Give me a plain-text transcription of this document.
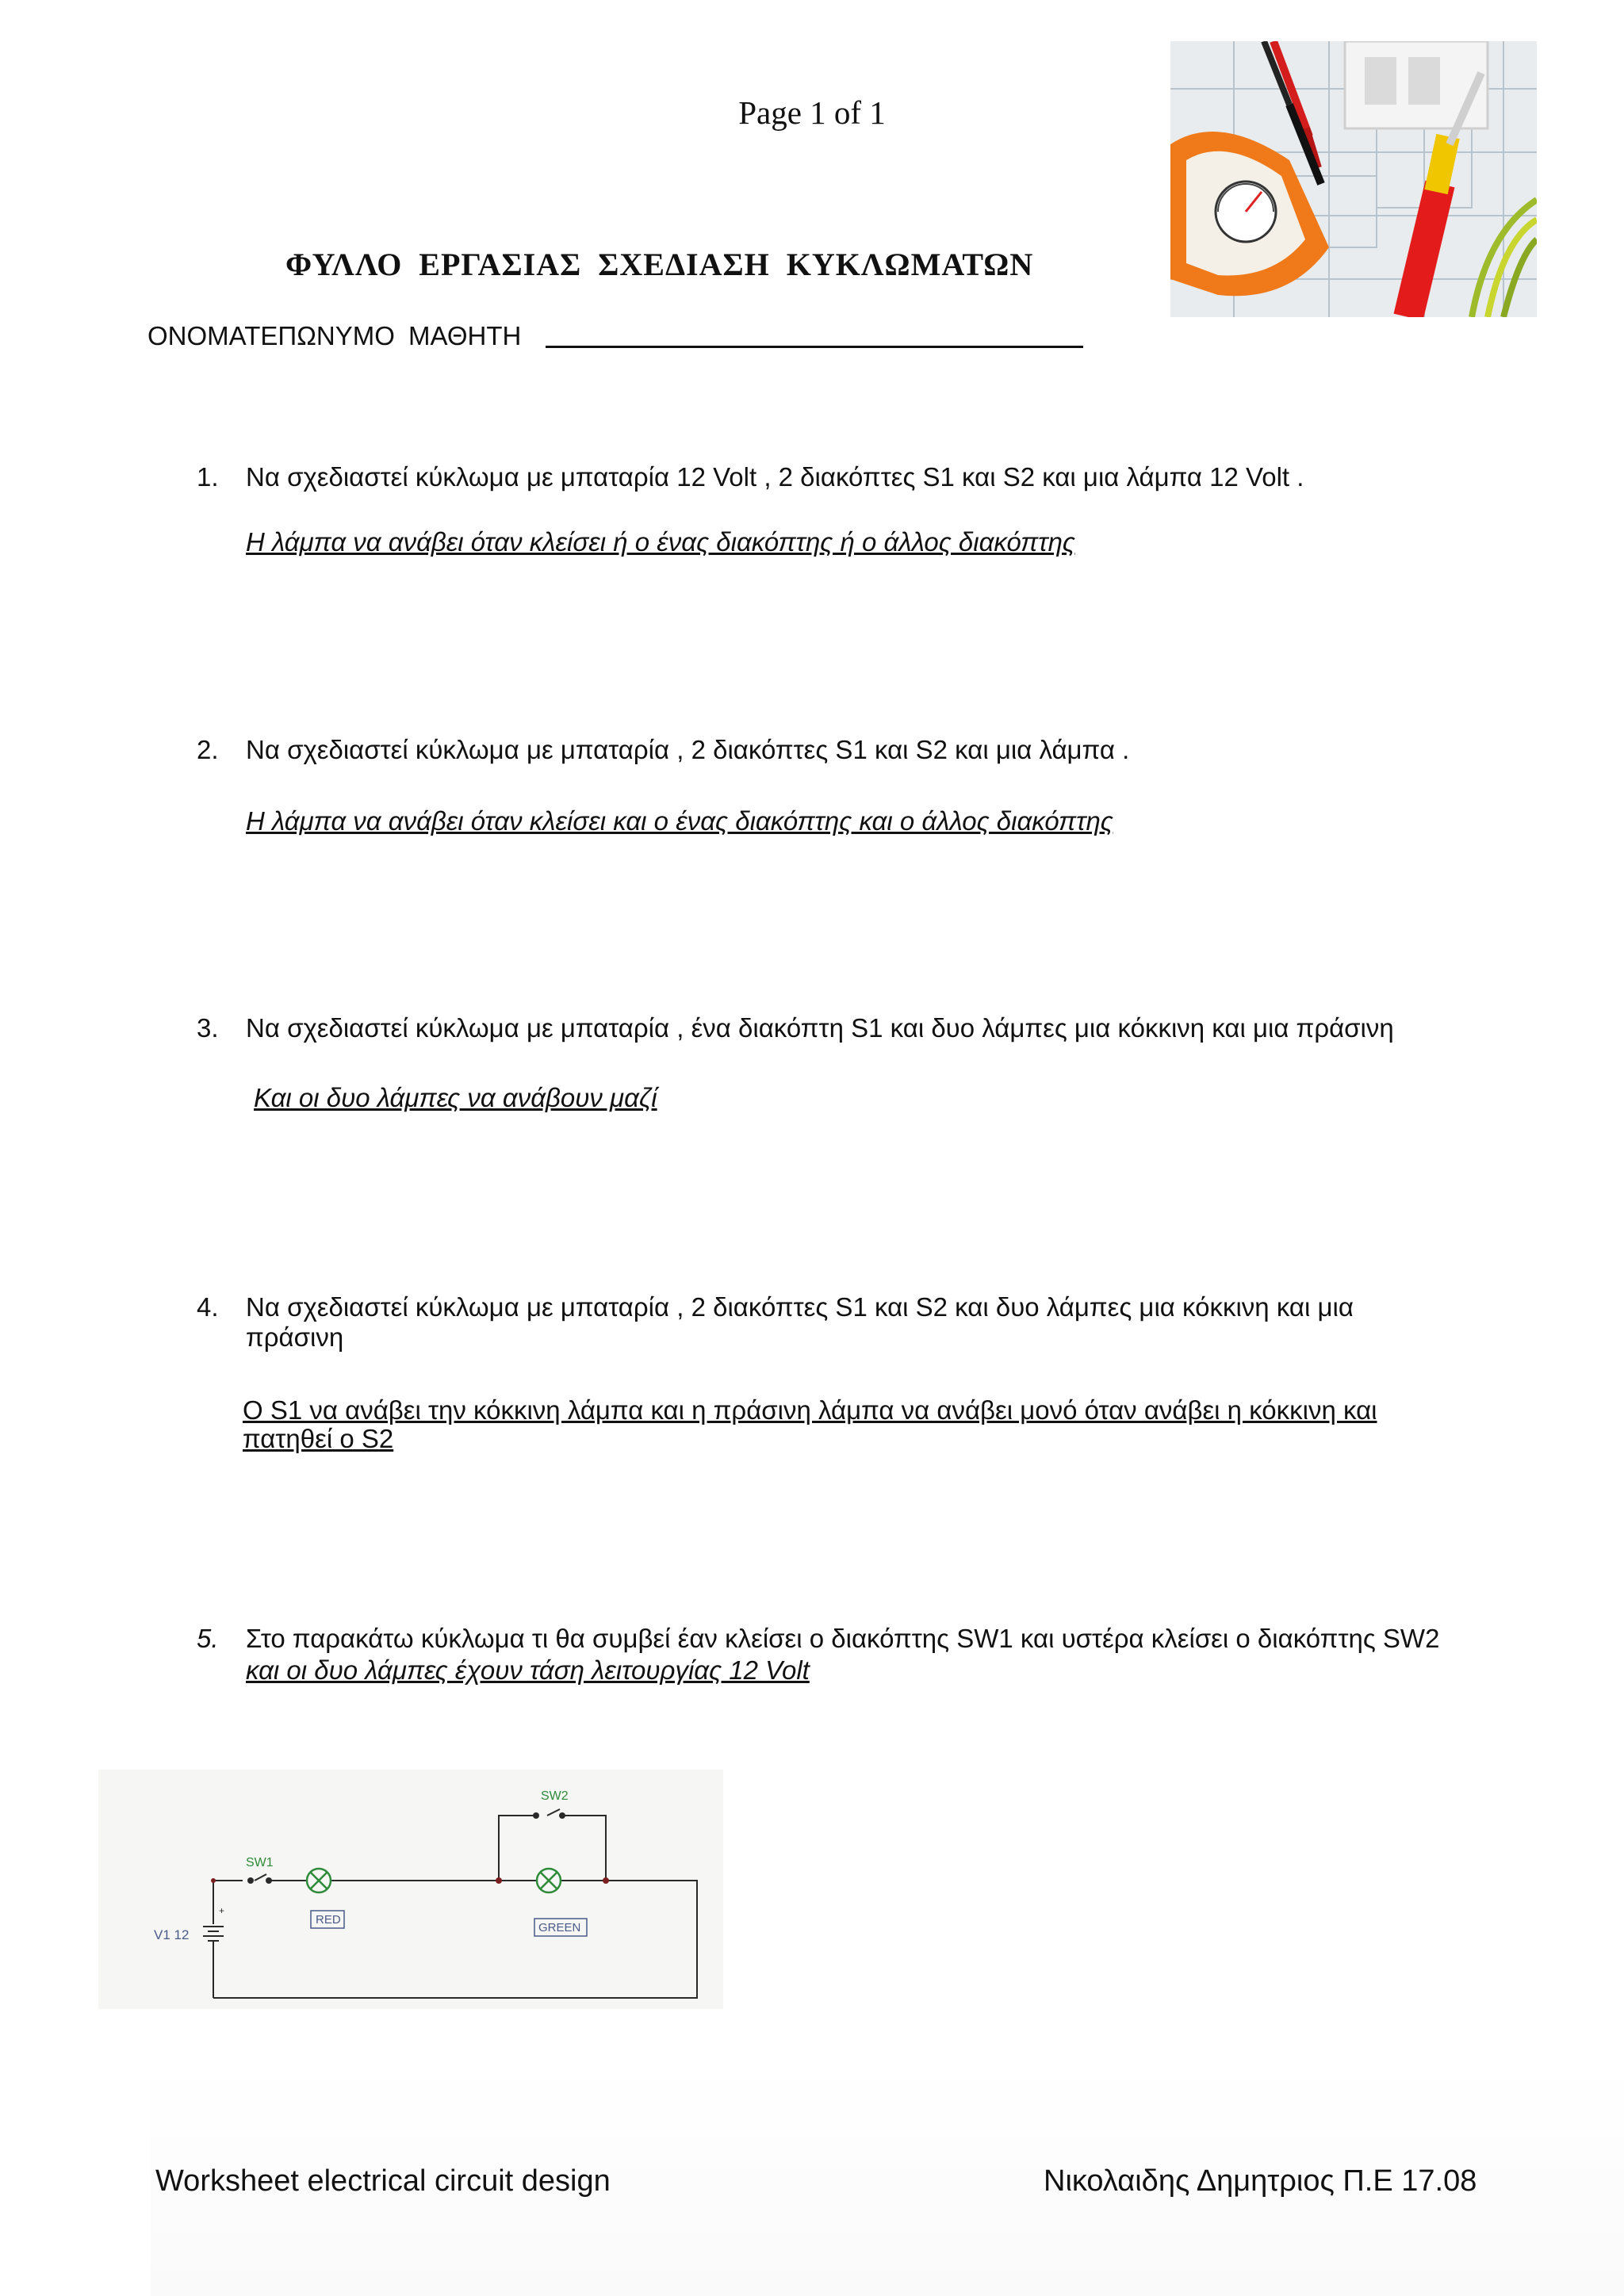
Page 1 of 1
ΦΥΛΛΟ ΕΡΓΑΣΙΑΣ ΣΧΕΔΙΑΣΗ ΚΥΚΛΩΜΑΤΩΝ
ΟΝΟΜΑΤΕΠΩΝΥΜΟ ΜΑΘΗΤΗ
1. Να σχεδιαστεί κύκλωμα με μπαταρία 12 Volt , 2 διακόπτες S1 και S2 και μια λάμπα 12 Volt .
Η λάμπα να ανάβει όταν κλείσει ή ο ένας διακόπτης ή ο άλλος διακόπτης
2. Να σχεδιαστεί κύκλωμα με μπαταρία , 2 διακόπτες S1 και S2 και μια λάμπα .
Η λάμπα να ανάβει όταν κλείσει και ο ένας διακόπτης και ο άλλος διακόπτης
3. Να σχεδιαστεί κύκλωμα με μπαταρία , ένα διακόπτη S1 και δυο λάμπες μια κόκκινη και μια πράσινη
Και οι δυο λάμπες να ανάβουν μαζί
4. Να σχεδιαστεί κύκλωμα με μπαταρία , 2 διακόπτες S1 και S2 και δυο λάμπες μια κόκκινη και μια
πράσινη
Ο S1 να ανάβει την κόκκινη λάμπα και η πράσινη λάμπα να ανάβει μονό όταν ανάβει η κόκκινη και
πατηθεί ο S2
5. Στο παρακάτω κύκλωμα τι θα συμβεί έαν κλείσει ο διακόπτης SW1 και υστέρα κλείσει ο διακόπτης SW2
και οι δυο λάμπες έχουν τάση λειτουργίας 12 Volt
+
SW1
SW2
V1 12
RED
GREEN
Worksheet electrical circuit design	Νικολαιδης Δημητριος Π.Ε 17.08
